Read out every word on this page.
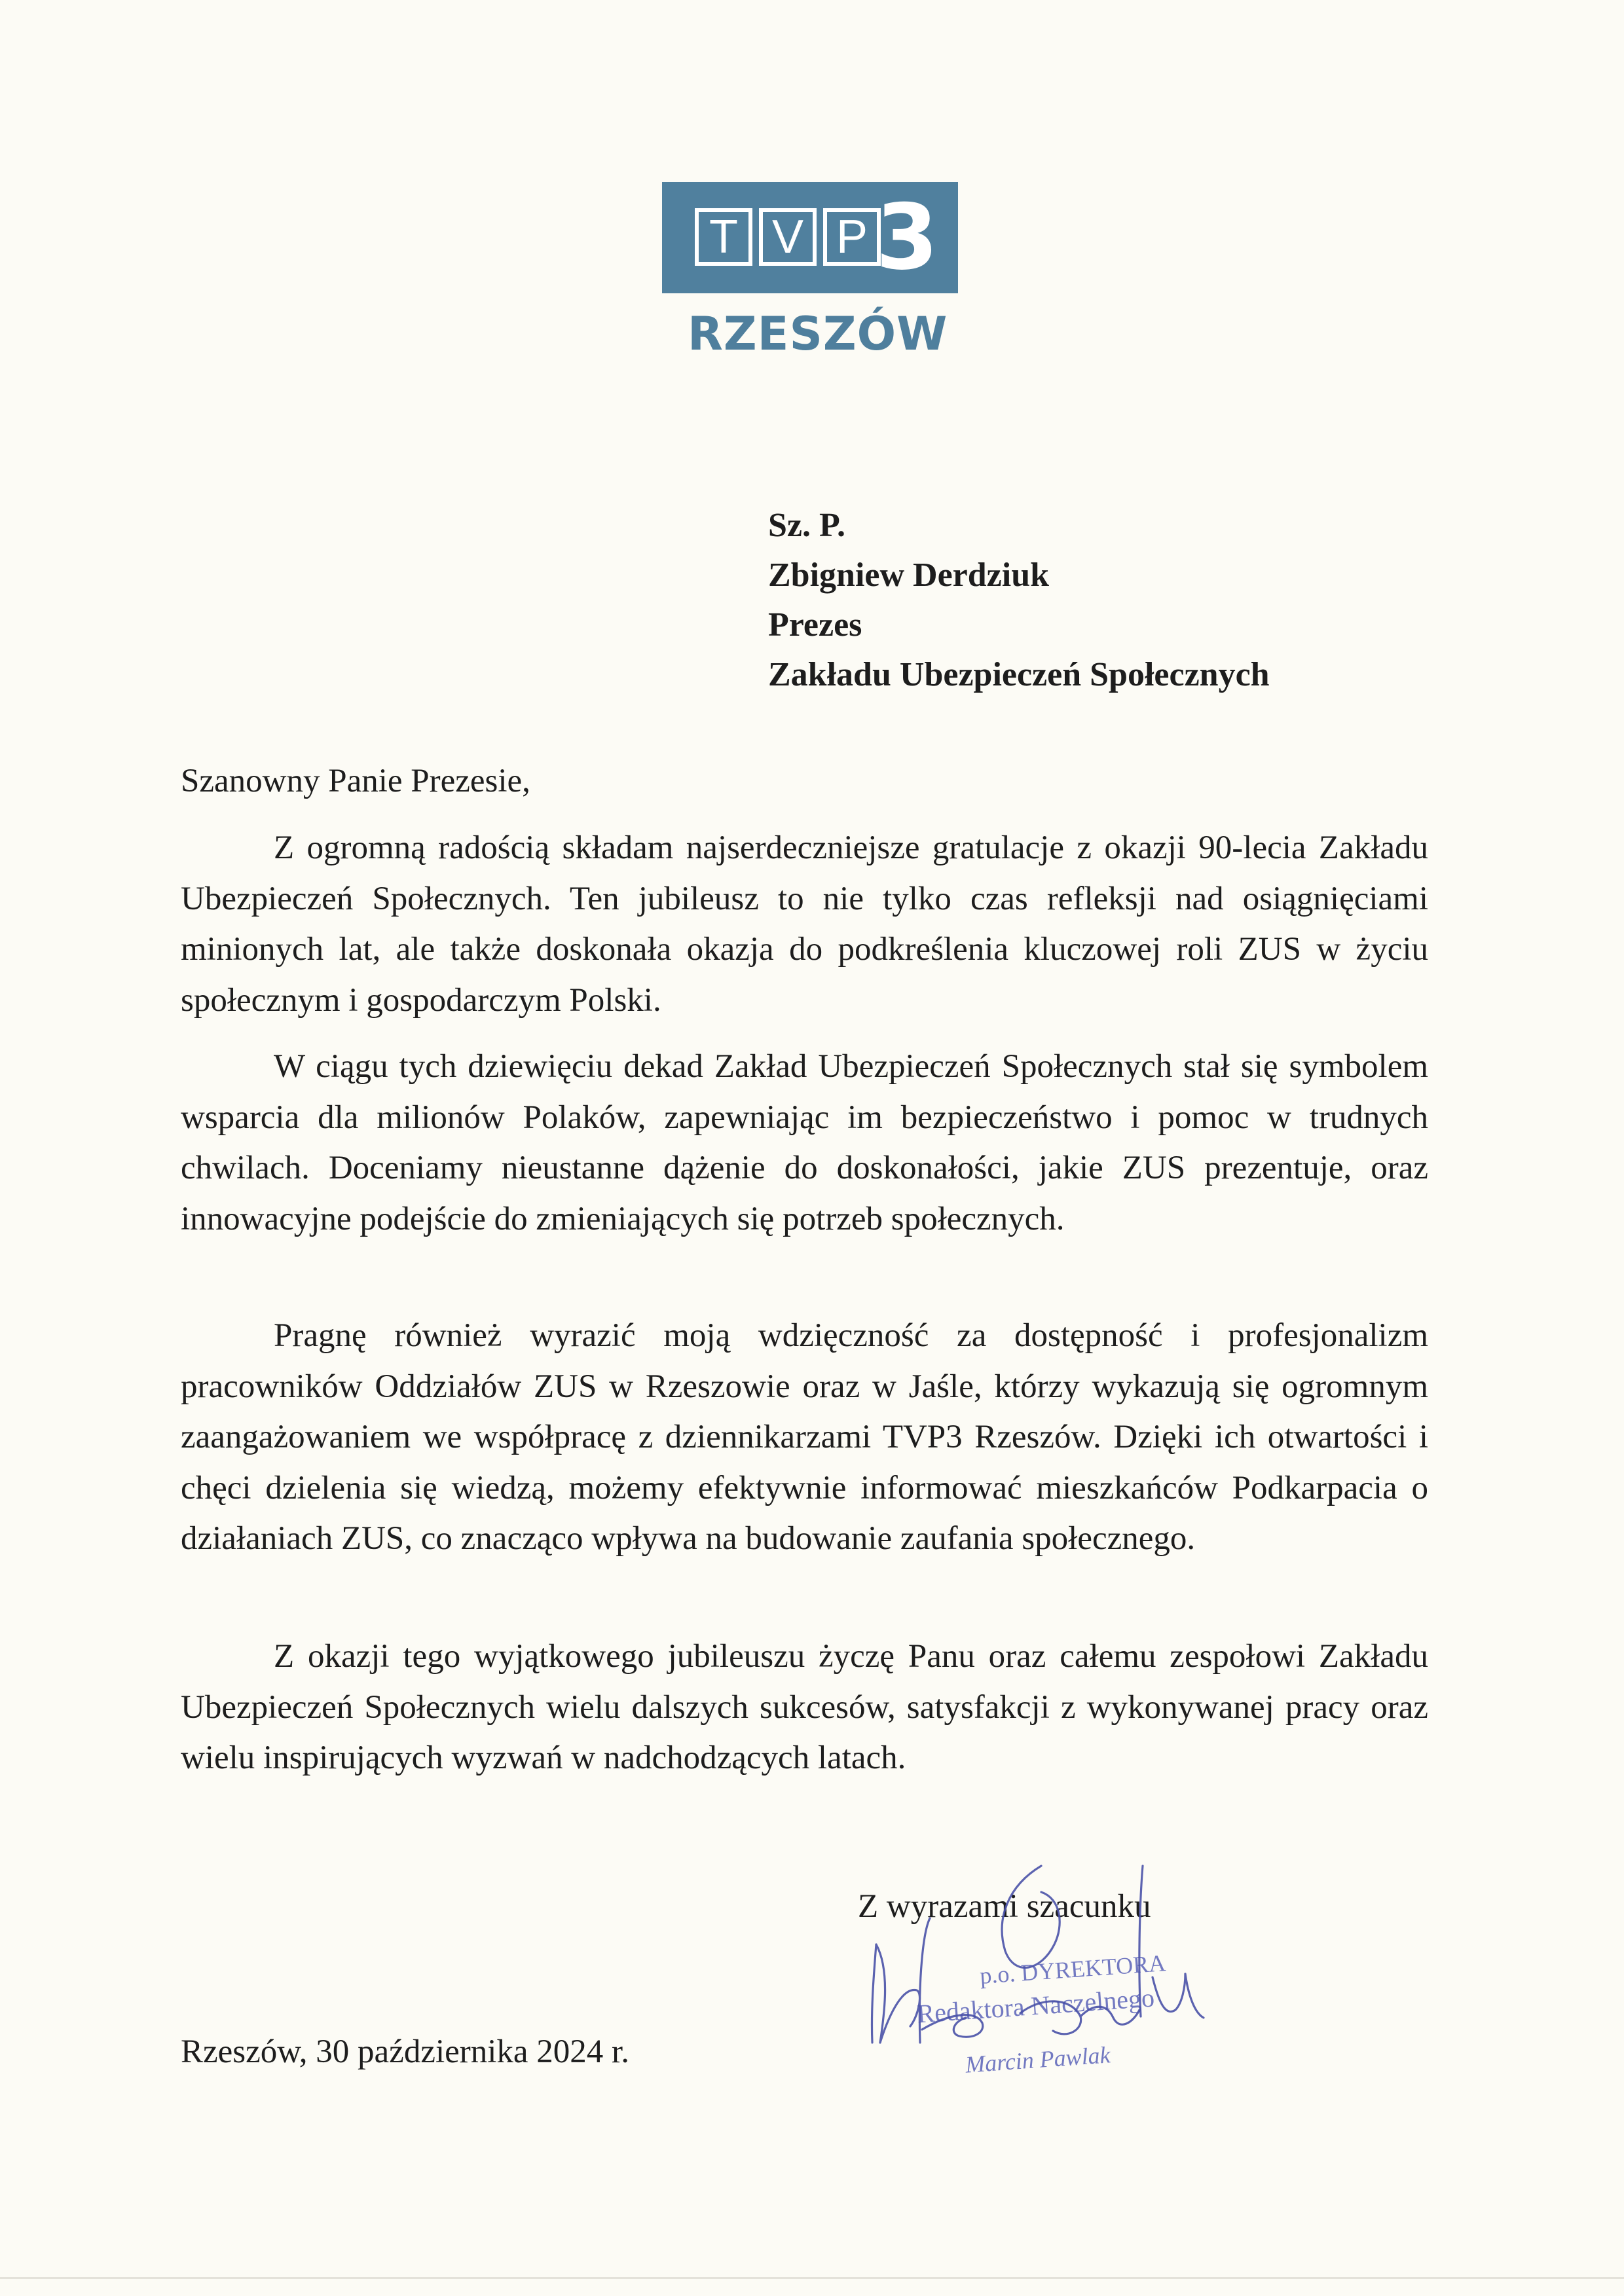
T V P 3
RZESZÓW
Sz. P.
Zbigniew Derdziuk
Prezes
Zakładu Ubezpieczeń Społecznych
Szanowny Panie Prezesie,
Z ogromną radością składam najserdeczniejsze gratulacje z okazji 90-lecia Zakładu Ubezpieczeń Społecznych. Ten jubileusz to nie tylko czas refleksji nad osiągnięciami minionych lat, ale także doskonała okazja do podkreślenia kluczowej roli ZUS w życiu społecznym i gospodarczym Polski.
W ciągu tych dziewięciu dekad Zakład Ubezpieczeń Społecznych stał się symbolem wsparcia dla milionów Polaków, zapewniając im bezpieczeństwo i pomoc w trudnych chwilach. Doceniamy nieustanne dążenie do doskonałości, jakie ZUS prezentuje, oraz innowacyjne podejście do zmieniających się potrzeb społecznych.
Pragnę również wyrazić moją wdzięczność za dostępność i profesjonalizm pracowników Oddziałów ZUS w Rzeszowie oraz w Jaśle, którzy wykazują się ogromnym zaangażowaniem we współpracę z dziennikarzami TVP3 Rzeszów. Dzięki ich otwartości i chęci dzielenia się wiedzą, możemy efektywnie informować mieszkańców Podkarpacia o działaniach ZUS, co znacząco wpływa na budowanie zaufania społecznego.
Z okazji tego wyjątkowego jubileuszu życzę Panu oraz całemu zespołowi Zakładu Ubezpieczeń Społecznych wielu dalszych sukcesów, satysfakcji z wykonywanej pracy oraz wielu inspirujących wyzwań w nadchodzących latach.
Z wyrazami szacunku
p.o. DYREKTORA
Redaktora Naczelnego
Marcin Pawlak
Rzeszów, 30 października 2024 r.
